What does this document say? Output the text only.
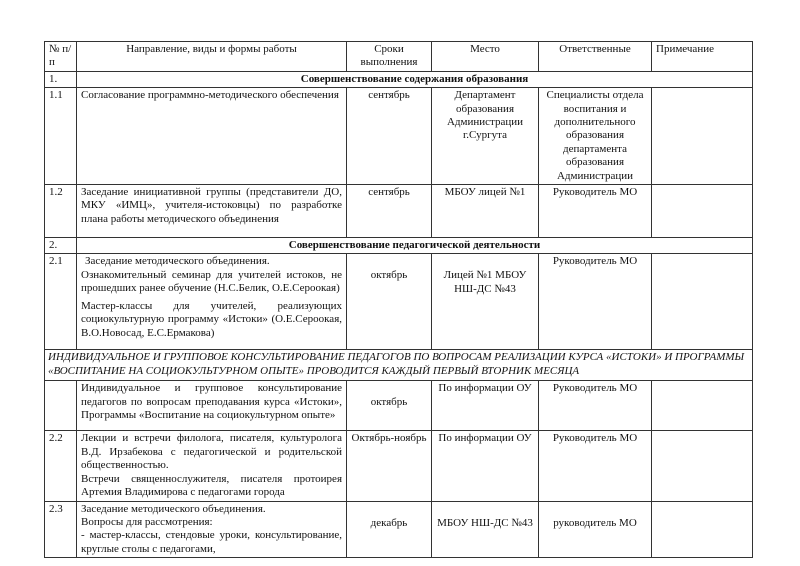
№ п/п	Направление, виды и формы работы	Сроки выполнения	Место	Ответственные	Примечание
1.	Совершенствование содержания образования				
1.1	Согласование программно-методического обеспечения	сентябрь	Департамент образования Администрации г.Сургута	Специалисты отдела воспитания и дополнительного образования департамента образования Администрации	
1.2	Заседание инициативной группы (представители ДО, МКУ «ИМЦ», учителя-истоковцы) по разработке плана работы методического объединения	сентябрь	МБОУ лицей №1	Руководитель МО	
2.	Совершенствование педагогической деятельности				
2.1	Заседание методического объединения.

Ознакомительный семинар для учителей истоков, не прошедших ранее обучение (Н.С.Белик, О.Е.Сероокая)

Мастер-классы для учителей, реализующих социокультурную программу «Истоки» (О.Е.Сероокая, В.О.Новосад, Е.С.Ермакова)	октябрь	Лицей №1 МБОУ НШ-ДС №43	Руководитель МО	
ИНДИВИДУАЛЬНОЕ И ГРУППОВОЕ КОНСУЛЬТИРОВАНИЕ ПЕДАГОГОВ ПО ВОПРОСАМ РЕАЛИЗАЦИИ КУРСА «ИСТОКИ» И ПРОГРАММЫ «ВОСПИТАНИЕ НА СОЦИОКУЛЬТУРНОМ ОПЫТЕ» ПРОВОДИТСЯ КАЖДЫЙ ПЕРВЫЙ ВТОРНИК МЕСЯЦА					
	Индивидуальное и групповое консультирование педагогов по вопросам преподавания курса «Истоки», Программы «Воспитание на социокультурном опыте»	октябрь	По информации ОУ	Руководитель МО	
2.2	Лекции и встречи филолога, писателя, культуролога В.Д. Ирзабекова с педагогической и родительской общественностью.

Встречи священнослужителя, писателя протоирея Артемия Владимирова с педагогами города	Октябрь-ноябрь	По информации ОУ	Руководитель МО	
2.3	Заседание методического объединения.

Вопросы для рассмотрения:

- мастер-классы, стендовые уроки, консультирование, круглые столы с педагогами,	декабрь	МБОУ НШ-ДС №43	руководитель МО	
